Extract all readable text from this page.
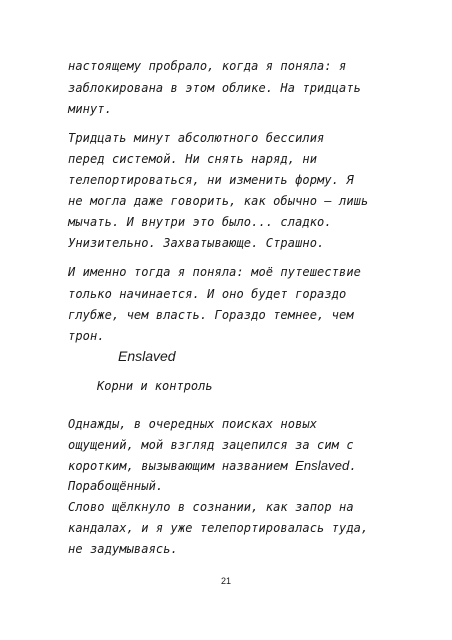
настоящему пробрало, когда я поняла: я
заблокирована в этом облике. На тридцать
минут.
Тридцать минут абсолютного бессилия
перед системой. Ни снять наряд, ни
телепортироваться, ни изменить форму. Я
не могла даже говорить, как обычно — лишь
мычать. И внутри это было... сладко.
Унизительно. Захватывающе. Страшно.
И именно тогда я поняла: моё путешествие
только начинается. И оно будет гораздо
глубже, чем власть. Гораздо темнее, чем
трон.
Enslaved
Корни и контроль
Однажды, в очередных поисках новых
ощущений, мой взгляд зацепился за сим с
коротким, вызывающим названием Enslaved.
Порабощённый.
Слово щёлкнуло в сознании, как запор на
кандалах, и я уже телепортировалась туда,
не задумываясь.
21
